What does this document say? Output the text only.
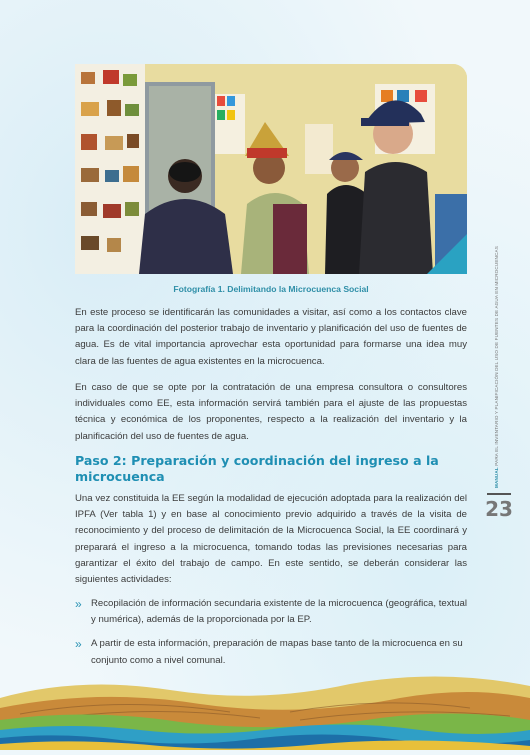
Fotografía 1. Delimitando la Microcuenca Social

En este proceso se identificarán las comunidades a visitar, así como a los contactos clave para la coordinación del posterior trabajo de inventario y planificación del uso de fuentes de agua. Es de vital importancia aprovechar esta oportunidad para formarse una idea muy clara de las fuentes de agua existentes en la microcuenca.

En caso de que se opte por la contratación de una empresa consultora o consultores individuales como EE, esta información servirá también para el ajuste de las propuestas técnica y económica de los proponentes, respecto a la realización del inventario y la planificación del uso de fuentes de agua.

Paso 2: Preparación y coordinación del ingreso a la microcuenca

Una vez constituida la EE según la modalidad de ejecución adoptada para la realización del IPFA (Ver tabla 1) y en base al conocimiento previo adquirido a través de la visita de reconocimiento y del proceso de delimitación de la Microcuenca Social, la EE coordinará y preparará el ingreso a la microcuenca, tomando todas las previsiones necesarias para garantizar el éxito del trabajo de campo. En este sentido, se deberán considerar las siguientes actividades:

» Recopilación de información secundaria existente de la microcuenca (geográfica, textual y numérica), además de la proporcionada por la EP.
» A partir de esta información, preparación de mapas base tanto de la microcuenca en su conjunto como a nivel comunal.
MANUAL PARA EL INVENTARIO Y PLANIFICACIÓN DEL USO DE FUENTES DE AGUA EN MICROCUENCAS
23
